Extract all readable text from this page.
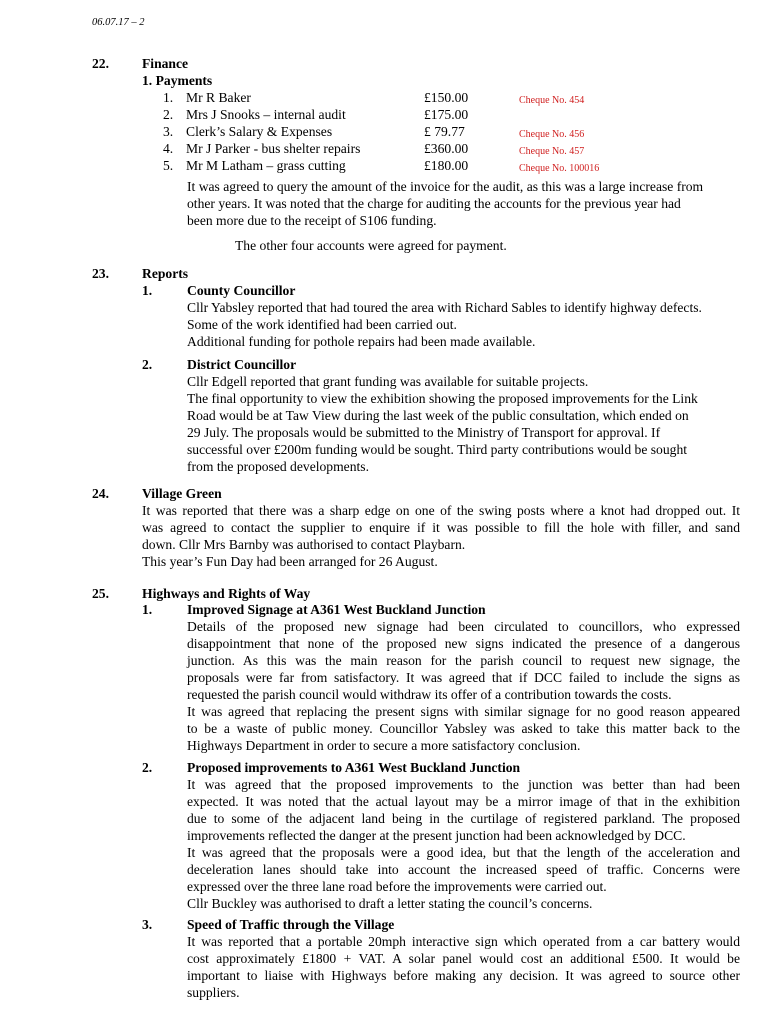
06.07.17 – 2
22. Finance
1. Payments
1. Mr R Baker	£150.00	Cheque No. 454
2. Mrs J Snooks – internal audit	£175.00
3. Clerk’s Salary & Expenses	£ 79.77	Cheque No. 456
4. Mr J Parker - bus shelter repairs	£360.00	Cheque No. 457
5. Mr M Latham – grass cutting	£180.00	Cheque No. 100016
It was agreed to query the amount of the invoice for the audit, as this was a large increase from
other years. It was noted that the charge for auditing the accounts for the previous year had
been more due to the receipt of S106 funding.
The other four accounts were agreed for payment.
23. Reports
1.	County Councillor
Cllr Yabsley reported that had toured the area with Richard Sables to identify highway defects.
Some of the work identified had been carried out.
Additional funding for pothole repairs had been made available.
2.	District Councillor
Cllr Edgell reported that grant funding was available for suitable projects.
The final opportunity to view the exhibition showing the proposed improvements for the Link
Road would be at Taw View during the last week of the public consultation, which ended on
29 July. The proposals would be submitted to the Ministry of Transport for approval. If
successful over £200m funding would be sought. Third party contributions would be sought
from the proposed developments.
24. Village Green
It was reported that there was a sharp edge on one of the swing posts where a knot had dropped out. It
was agreed to contact the supplier to enquire if it was possible to fill the hole with filler, and sand
down. Cllr Mrs Barnby was authorised to contact Playbarn.
This year’s Fun Day had been arranged for 26 August.
25. Highways and Rights of Way
1.	Improved Signage at A361 West Buckland Junction
Details of the proposed new signage had been circulated to councillors, who expressed
disappointment that none of the proposed new signs indicated the presence of a dangerous
junction. As this was the main reason for the parish council to request new signage, the
proposals were far from satisfactory. It was agreed that if DCC failed to include the signs as
requested the parish council would withdraw its offer of a contribution towards the costs.
It was agreed that replacing the present signs with similar signage for no good reason appeared
to be a waste of public money. Councillor Yabsley was asked to take this matter back to the
Highways Department in order to secure a more satisfactory conclusion.
2.	Proposed improvements to A361 West Buckland Junction
It was agreed that the proposed improvements to the junction was better than had been
expected. It was noted that the actual layout may be a mirror image of that in the exhibition
due to some of the adjacent land being in the curtilage of registered parkland. The proposed
improvements reflected the danger at the present junction had been acknowledged by DCC.
It was agreed that the proposals were a good idea, but that the length of the acceleration and
deceleration lanes should take into account the increased speed of traffic. Concerns were
expressed over the three lane road before the improvements were carried out.
Cllr Buckley was authorised to draft a letter stating the council’s concerns.
3.	Speed of Traffic through the Village
It was reported that a portable 20mph interactive sign which operated from a car battery would
cost approximately £1800 + VAT. A solar panel would cost an additional £500. It would be
important to liaise with Highways before making any decision. It was agreed to source other
suppliers.
